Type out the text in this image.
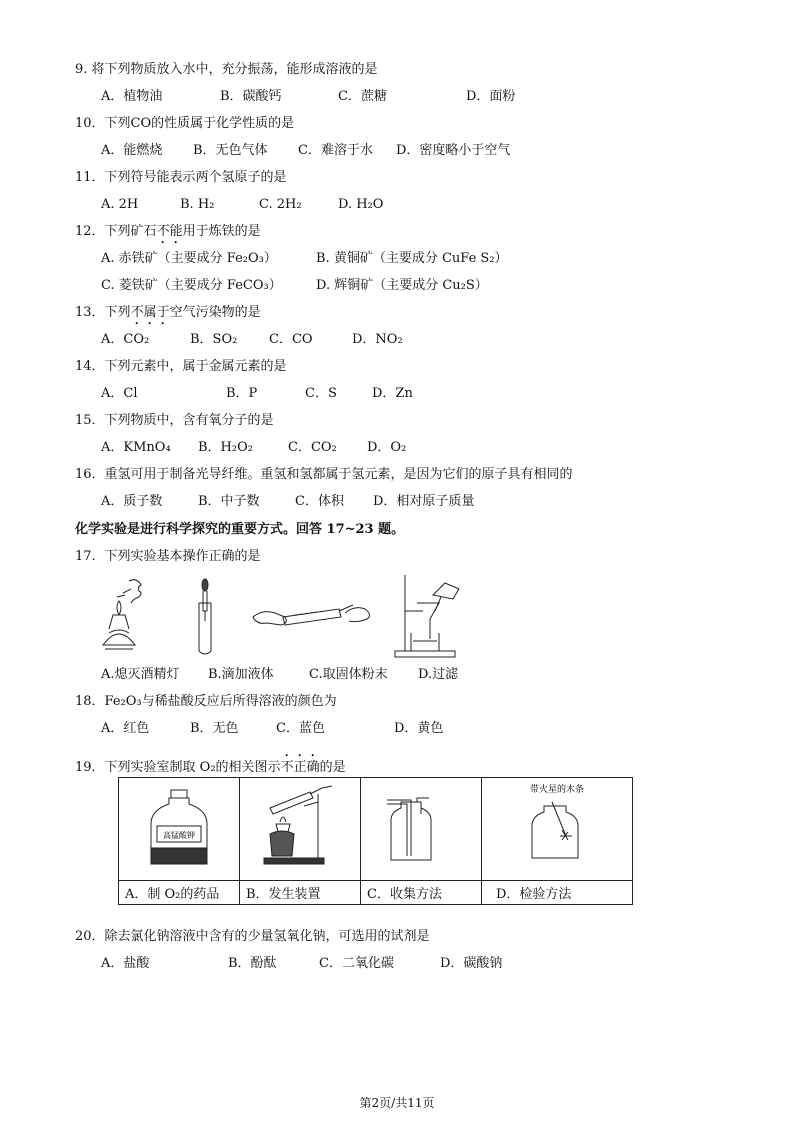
9. 将下列物质放入水中，充分振荡，能形成溶液的是
A．植物油	B．碳酸钙	C．蔗糖	D．面粉
10．下列CO的性质属于化学性质的是
A．能燃烧 B．无色气体 C．难溶于水 D．密度略小于空气
11．下列符号能表示两个氢原子的是
A. 2H	B. H₂	C. 2H₂	D. H₂O
12．下列矿石不能用于炼铁的是
A. 赤铁矿（主要成分 Fe₂O₃）	B. 黄铜矿（主要成分 CuFe S₂）
C. 菱铁矿（主要成分 FeCO₃）	D. 辉铜矿（主要成分 Cu₂S）
13．下列不属于空气污染物的是
A．CO₂	B．SO₂ C．CO	D．NO₂
14．下列元素中，属于金属元素的是
A．Cl	B．P	C．S	D．Zn
15．下列物质中，含有氧分子的是
A．KMnO₄ B．H₂O₂	C．CO₂ D．O₂
16．重氢可用于制备光导纤维。重氢和氢都属于氢元素，是因为它们的原子具有相同的
A．质子数	B．中子数	C．体积 D．相对原子质量
化学实验是进行科学探究的重要方式。回答 17~23 题。
17．下列实验基本操作正确的是
A.熄灭酒精灯 B.滴加液体	C.取固体粉末 D.过滤
18．Fe₂O₃与稀盐酸反应后所得溶液的颜色为
A．红色	B．无色	C．蓝色	D．黄色
19．下列实验室制取 O₂的相关图示不正确的是
高锰酸钾			带火星的木条

A．制 O₂的药品	B．发生装置	C．收集方法	D．检验方法
20．除去氯化钠溶液中含有的少量氢氧化钠，可选用的试剂是
A．盐酸	B．酚酞	C．二氧化碳	D．碳酸钠
第2页/共11页
